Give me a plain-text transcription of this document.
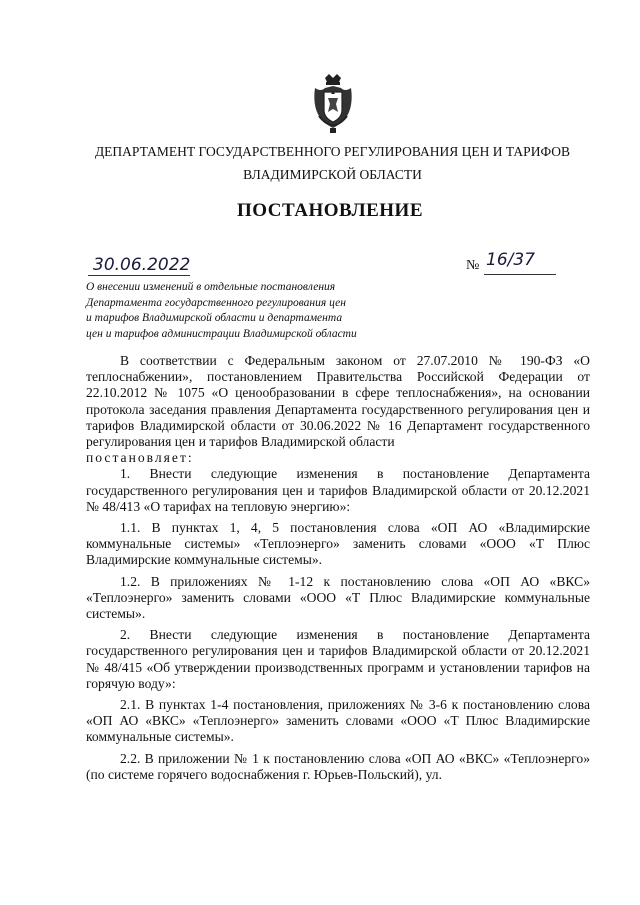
ДЕПАРТАМЕНТ ГОСУДАРСТВЕННОГО РЕГУЛИРОВАНИЯ ЦЕН И ТАРИФОВ
ВЛАДИМИРСКОЙ ОБЛАСТИ
ПОСТАНОВЛЕНИЕ
30.06.2022	№ 16/37
О внесении изменений в отдельные постановления
Департамента государственного регулирования цен
и тарифов Владимирской области и департамента
цен и тарифов администрации Владимирской области

В соответствии с Федеральным законом от 27.07.2010 № 190-ФЗ «О теплоснабжении», постановлением Правительства Российской Федерации от 22.10.2012 № 1075 «О ценообразовании в сфере теплоснабжения», на основании протокола заседания правления Департамента государственного регулирования цен и тарифов Владимирской области от 30.06.2022 № 16 Департамент государственного регулирования цен и тарифов Владимирской области

постановляет:

1. Внести следующие изменения в постановление Департамента государственного регулирования цен и тарифов Владимирской области от 20.12.2021 № 48/413 «О тарифах на тепловую энергию»:

1.1. В пунктах 1, 4, 5 постановления слова «ОП АО «Владимирские коммунальные системы» «Теплоэнерго» заменить словами «ООО «Т Плюс Владимирские коммунальные системы».

1.2. В приложениях № 1-12 к постановлению слова «ОП АО «ВКС» «Теплоэнерго» заменить словами «ООО «Т Плюс Владимирские коммунальные системы».

2. Внести следующие изменения в постановление Департамента государственного регулирования цен и тарифов Владимирской области от 20.12.2021 № 48/415 «Об утверждении производственных программ и установлении тарифов на горячую воду»:

2.1. В пунктах 1-4 постановления, приложениях № 3-6 к постановлению слова «ОП АО «ВКС» «Теплоэнерго» заменить словами «ООО «Т Плюс Владимирские коммунальные системы».

2.2. В приложении № 1 к постановлению слова «ОП АО «ВКС» «Теплоэнерго» (по системе горячего водоснабжения г. Юрьев-Польский), ул.
